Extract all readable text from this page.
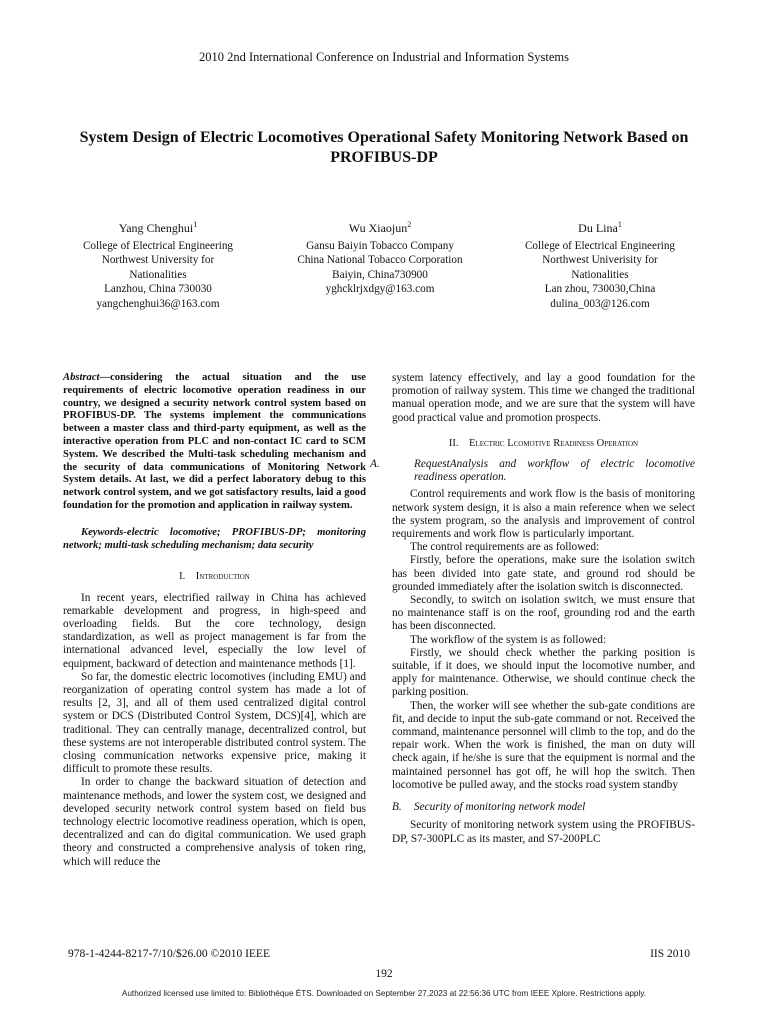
2010 2nd International Conference on Industrial and Information Systems
System Design of Electric Locomotives Operational Safety Monitoring Network Based on PROFIBUS-DP
Yang Chenghui$^1$
College of Electrical Engineering
Northwest University for
Nationalities
Lanzhou, China 730030
yangchenghui36@163.com
Wu Xiaojun$^2$
Gansu Baiyin Tobacco Company
China National Tobacco Corporation
Baiyin, China730900
yghcklrjxdgy@163.com
Du Lina$^1$
College of Electrical Engineering
Northwest Univerisity for
Nationalities
Lan zhou, 730030,China
dulina_003@126.com

Abstract—considering the actual situation and the use requirements of electric locomotive operation readiness in our country, we designed a security network control system based on PROFIBUS-DP. The systems implement the communications between a master class and third-party equipment, as well as the interactive operation from PLC and non-contact IC card to SCM System. We described the Multi-task scheduling mechanism and the security of data communications of Monitoring Network System details. At last, we did a perfect laboratory debug to this network control system, and we got satisfactory results, laid a good foundation for the promotion and application in railway system.

Keywords-electric locomotive; PROFIBUS-DP; monitoring network; multi-task scheduling mechanism; data security

I. Introduction

In recent years, electrified railway in China has achieved remarkable development and progress, in high-speed and overloading fields. But the core technology, design standardization, as well as project management is far from the international advanced level, especially the low level of equipment, backward of detection and maintenance methods [1].

So far, the domestic electric locomotives (including EMU) and reorganization of operating control system has made a lot of results [2, 3], and all of them used centralized digital control system or DCS (Distributed Control System, DCS)[4], which are traditional. They can centrally manage, decentralized control, but these systems are not interoperable distributed control system. The closing communication networks expensive price, making it difficult to promote these results.

In order to change the backward situation of detection and maintenance methods, and lower the system cost, we designed and developed security network control system based on field bus technology electric locomotive readiness operation, which is open, decentralized and can do digital communication. We used graph theory and constructed a comprehensive analysis of token ring, which will reduce the

system latency effectively, and lay a good foundation for the promotion of railway system. This time we changed the traditional manual operation mode, and we are sure that the system will have good practical value and promotion prospects.

II. Electric Lcomotive Readiness Operation

A.	RequestAnalysis and workflow of electric locomotive readiness operation.

Control requirements and work flow is the basis of monitoring network system design, it is also a main reference when we select the system program, so the analysis and improvement of control requirements and work flow is particularly important.

The control requirements are as followed:

Firstly, before the operations, make sure the isolation switch has been divided into gate state, and ground rod should be grounded immediately after the isolation switch is disconnected.

Secondly, to switch on isolation switch, we must ensure that no maintenance staff is on the roof, grounding rod and the earth has been disconnected.

The workflow of the system is as followed:

Firstly, we should check whether the parking position is suitable, if it does, we should input the locomotive number, and apply for maintenance. Otherwise, we should continue check the parking position.

Then, the worker will see whether the sub-gate conditions are fit, and decide to input the sub-gate command or not. Received the command, maintenance personnel will climb to the top, and do the repair work. When the work is finished, the man on duty will check again, if he/she is sure that the equipment is normal and the maintained personnel has got off, he will hop the switch. Then locomotive be pulled away, and the stocks road system standby

B. Security of monitoring network model

Security of monitoring network system using the PROFIBUS-DP, S7-300PLC as its master, and S7-200PLC

978-1-4244-8217-7/10/$26.00 ©2010 IEEE	IIS 2010
192
Authorized licensed use limited to: Bibliothèque ÉTS. Downloaded on September 27,2023 at 22:56:36 UTC from IEEE Xplore. Restrictions apply.
